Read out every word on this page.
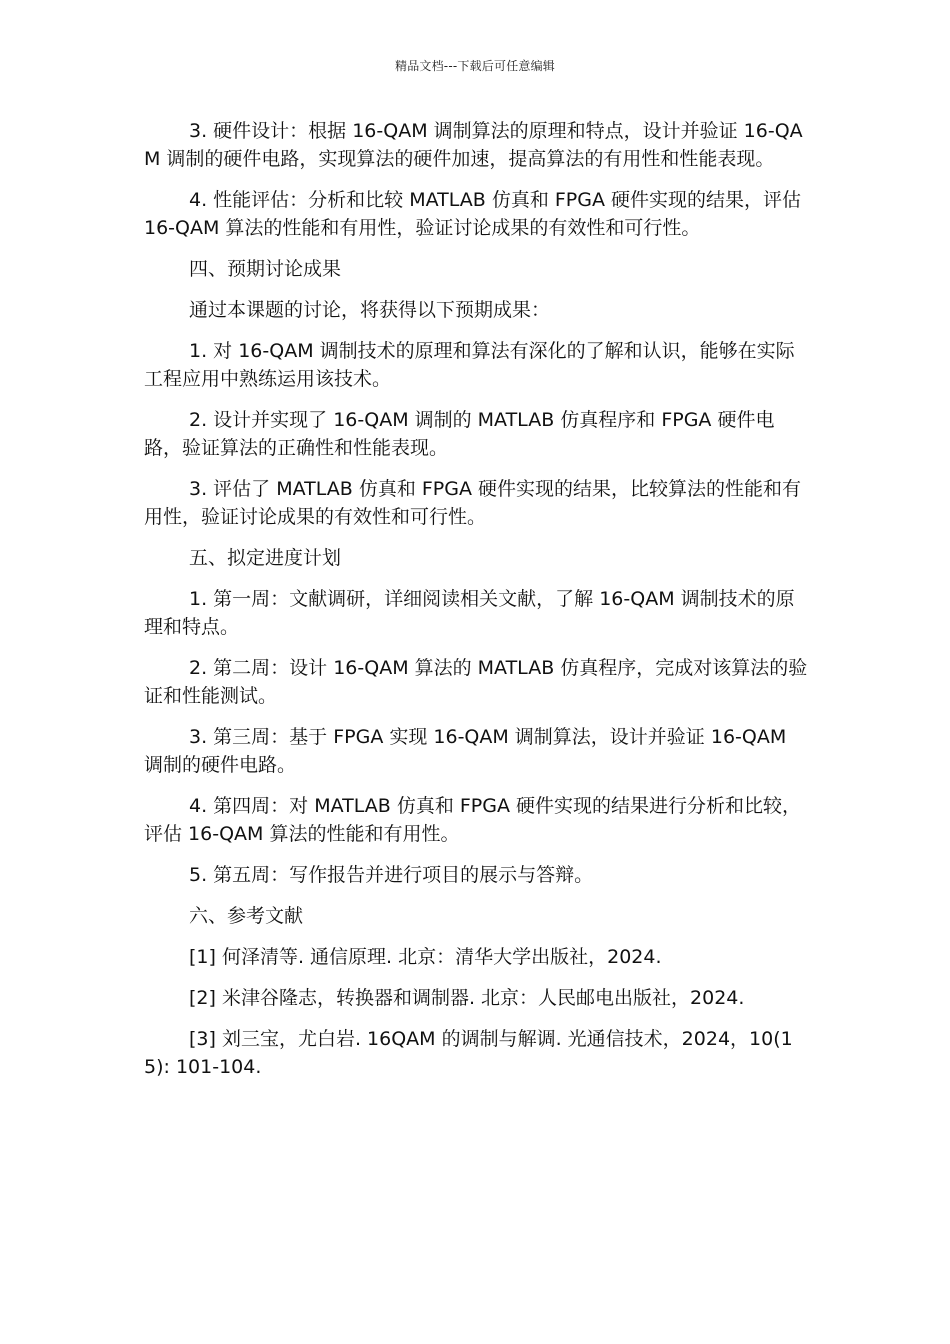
精品文档---下载后可任意编辑

3. 硬件设计：根据 16-QAM 调制算法的原理和特点，设计并验证 16-QAM 调制的硬件电路，实现算法的硬件加速，提高算法的有用性和性能表现。

4. 性能评估：分析和比较 MATLAB 仿真和 FPGA 硬件实现的结果，评估 16-QAM 算法的性能和有用性，验证讨论成果的有效性和可行性。

四、预期讨论成果

通过本课题的讨论，将获得以下预期成果：

1. 对 16-QAM 调制技术的原理和算法有深化的了解和认识，能够在实际工程应用中熟练运用该技术。

2. 设计并实现了 16-QAM 调制的 MATLAB 仿真程序和 FPGA 硬件电路，验证算法的正确性和性能表现。

3. 评估了 MATLAB 仿真和 FPGA 硬件实现的结果，比较算法的性能和有用性，验证讨论成果的有效性和可行性。

五、拟定进度计划

1. 第一周：文献调研，详细阅读相关文献，了解 16-QAM 调制技术的原理和特点。

2. 第二周：设计 16-QAM 算法的 MATLAB 仿真程序，完成对该算法的验证和性能测试。

3. 第三周：基于 FPGA 实现 16-QAM 调制算法，设计并验证 16-QAM 调制的硬件电路。

4. 第四周：对 MATLAB 仿真和 FPGA 硬件实现的结果进行分析和比较，评估 16-QAM 算法的性能和有用性。

5. 第五周：写作报告并进行项目的展示与答辩。

六、参考文献

[1] 何泽清等. 通信原理. 北京：清华大学出版社，2024.

[2] 米津谷隆志，转换器和调制器. 北京：人民邮电出版社，2024.

[3] 刘三宝，尤白岩. 16QAM 的调制与解调. 光通信技术，2024，10(15): 101-104.
